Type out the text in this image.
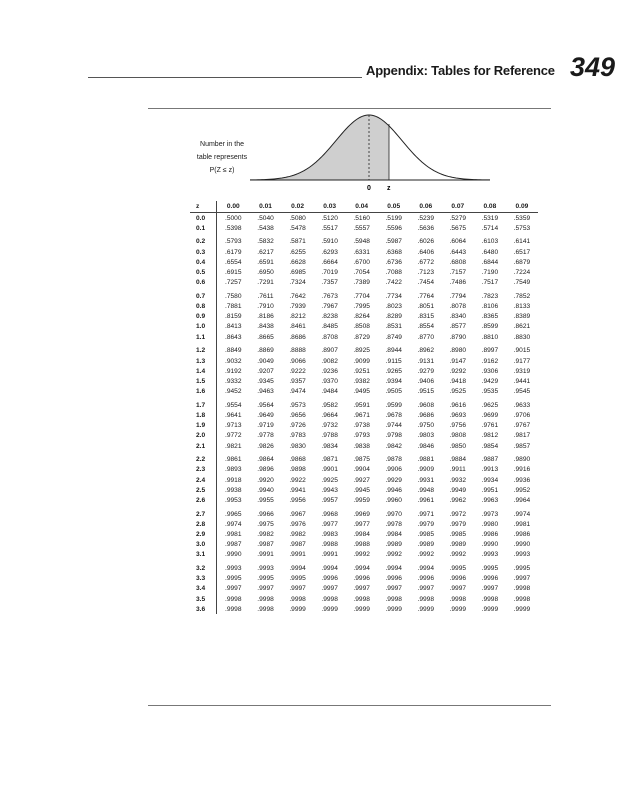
Appendix: Tables for Reference 349
Number in the
table represents
P(Z ≤ z)
0 z
z	0.00	0.01	0.02	0.03	0.04	0.05	0.06	0.07	0.08	0.09
0.0	.5000	.5040	.5080	.5120	.5160	.5199	.5239	.5279	.5319	.5359
0.1	.5398	.5438	.5478	.5517	.5557	.5596	.5636	.5675	.5714	.5753
0.2	.5793	.5832	.5871	.5910	.5948	.5987	.6026	.6064	.6103	.6141
0.3	.6179	.6217	.6255	.6293	.6331	.6368	.6406	.6443	.6480	.6517
0.4	.6554	.6591	.6628	.6664	.6700	.6736	.6772	.6808	.6844	.6879
0.5	.6915	.6950	.6985	.7019	.7054	.7088	.7123	.7157	.7190	.7224
0.6	.7257	.7291	.7324	.7357	.7389	.7422	.7454	.7486	.7517	.7549
0.7	.7580	.7611	.7642	.7673	.7704	.7734	.7764	.7794	.7823	.7852
0.8	.7881	.7910	.7939	.7967	.7995	.8023	.8051	.8078	.8106	.8133
0.9	.8159	.8186	.8212	.8238	.8264	.8289	.8315	.8340	.8365	.8389
1.0	.8413	.8438	.8461	.8485	.8508	.8531	.8554	.8577	.8599	.8621
1.1	.8643	.8665	.8686	.8708	.8729	.8749	.8770	.8790	.8810	.8830
1.2	.8849	.8869	.8888	.8907	.8925	.8944	.8962	.8980	.8997	.9015
1.3	.9032	.9049	.9066	.9082	.9099	.9115	.9131	.9147	.9162	.9177
1.4	.9192	.9207	.9222	.9236	.9251	.9265	.9279	.9292	.9306	.9319
1.5	.9332	.9345	.9357	.9370	.9382	.9394	.9406	.9418	.9429	.9441
1.6	.9452	.9463	.9474	.9484	.9495	.9505	.9515	.9525	.9535	.9545
1.7	.9554	.9564	.9573	.9582	.9591	.9599	.9608	.9616	.9625	.9633
1.8	.9641	.9649	.9656	.9664	.9671	.9678	.9686	.9693	.9699	.9706
1.9	.9713	.9719	.9726	.9732	.9738	.9744	.9750	.9756	.9761	.9767
2.0	.9772	.9778	.9783	.9788	.9793	.9798	.9803	.9808	.9812	.9817
2.1	.9821	.9826	.9830	.9834	.9838	.9842	.9846	.9850	.9854	.9857
2.2	.9861	.9864	.9868	.9871	.9875	.9878	.9881	.9884	.9887	.9890
2.3	.9893	.9896	.9898	.9901	.9904	.9906	.9909	.9911	.9913	.9916
2.4	.9918	.9920	.9922	.9925	.9927	.9929	.9931	.9932	.9934	.9936
2.5	.9938	.9940	.9941	.9943	.9945	.9946	.9948	.9949	.9951	.9952
2.6	.9953	.9955	.9956	.9957	.9959	.9960	.9961	.9962	.9963	.9964
2.7	.9965	.9966	.9967	.9968	.9969	.9970	.9971	.9972	.9973	.9974
2.8	.9974	.9975	.9976	.9977	.9977	.9978	.9979	.9979	.9980	.9981
2.9	.9981	.9982	.9982	.9983	.9984	.9984	.9985	.9985	.9986	.9986
3.0	.9987	.9987	.9987	.9988	.9988	.9989	.9989	.9989	.9990	.9990
3.1	.9990	.9991	.9991	.9991	.9992	.9992	.9992	.9992	.9993	.9993
3.2	.9993	.9993	.9994	.9994	.9994	.9994	.9994	.9995	.9995	.9995
3.3	.9995	.9995	.9995	.9996	.9996	.9996	.9996	.9996	.9996	.9997
3.4	.9997	.9997	.9997	.9997	.9997	.9997	.9997	.9997	.9997	.9998
3.5	.9998	.9998	.9998	.9998	.9998	.9998	.9998	.9998	.9998	.9998
3.6	.9998	.9998	.9999	.9999	.9999	.9999	.9999	.9999	.9999	.9999
